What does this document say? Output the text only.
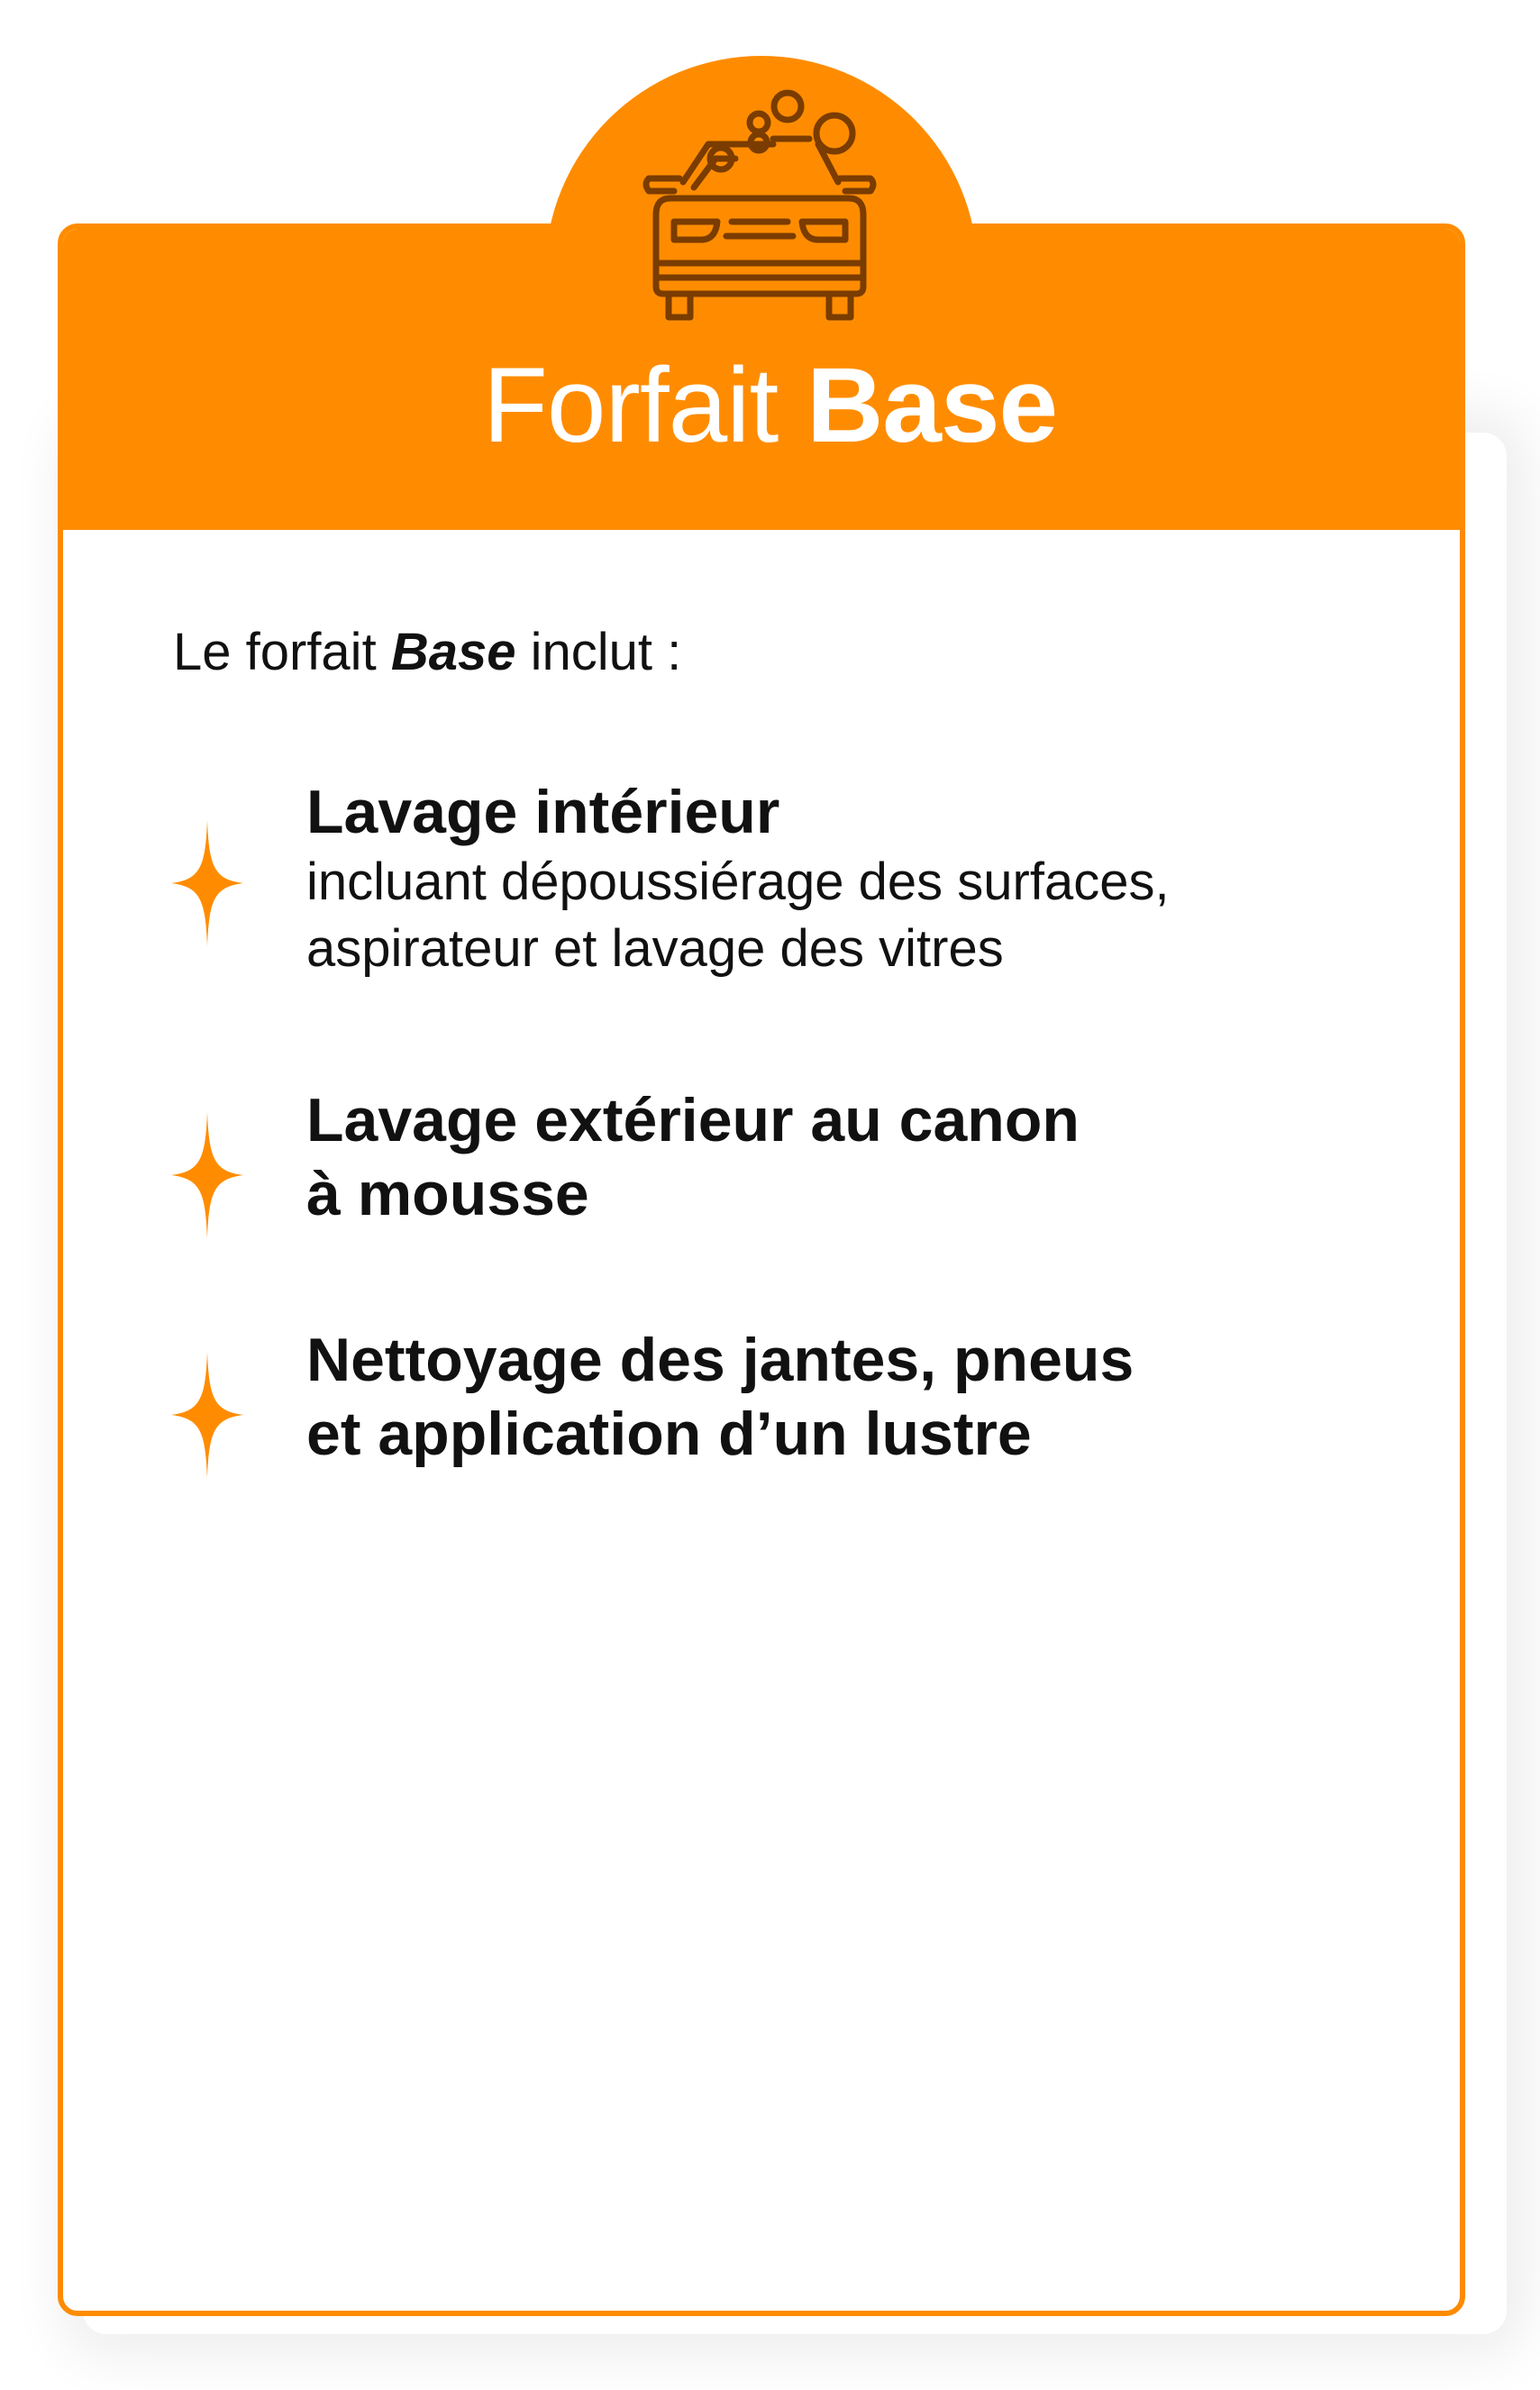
Forfait Base
Le forfait Base inclut :
Lavage intérieur
incluant dépoussiérage des surfaces,
aspirateur et lavage des vitres
Lavage extérieur au canon
à mousse
Nettoyage des jantes, pneus
et application d’un lustre
